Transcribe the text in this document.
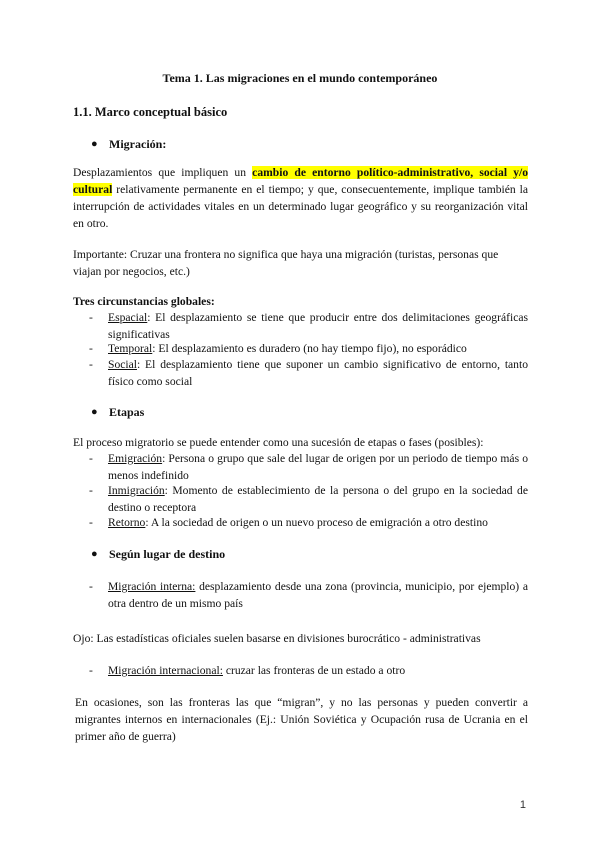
Tema 1. Las migraciones en el mundo contemporáneo
1.1. Marco conceptual básico
● Migración:
Desplazamientos que impliquen un cambio de entorno político-administrativo, social y/o cultural relativamente permanente en el tiempo; y que, consecuentemente, implique también la interrupción de actividades vitales en un determinado lugar geográfico y su reorganización vital en otro.
Importante: Cruzar una frontera no significa que haya una migración (turistas, personas que viajan por negocios, etc.)
Tres circunstancias globales:
- Espacial: El desplazamiento se tiene que producir entre dos delimitaciones geográficas significativas
- Temporal: El desplazamiento es duradero (no hay tiempo fijo), no esporádico
- Social: El desplazamiento tiene que suponer un cambio significativo de entorno, tanto físico como social
● Etapas
El proceso migratorio se puede entender como una sucesión de etapas o fases (posibles):
- Emigración: Persona o grupo que sale del lugar de origen por un periodo de tiempo más o menos indefinido
- Inmigración: Momento de establecimiento de la persona o del grupo en la sociedad de destino o receptora
- Retorno: A la sociedad de origen o un nuevo proceso de emigración a otro destino
● Según lugar de destino
- Migración interna: desplazamiento desde una zona (provincia, municipio, por ejemplo) a otra dentro de un mismo país
Ojo: Las estadísticas oficiales suelen basarse en divisiones burocrático - administrativas
- Migración internacional: cruzar las fronteras de un estado a otro
En ocasiones, son las fronteras las que “migran”, y no las personas y pueden convertir a migrantes internos en internacionales (Ej.: Unión Soviética y Ocupación rusa de Ucrania en el primer año de guerra)
1
